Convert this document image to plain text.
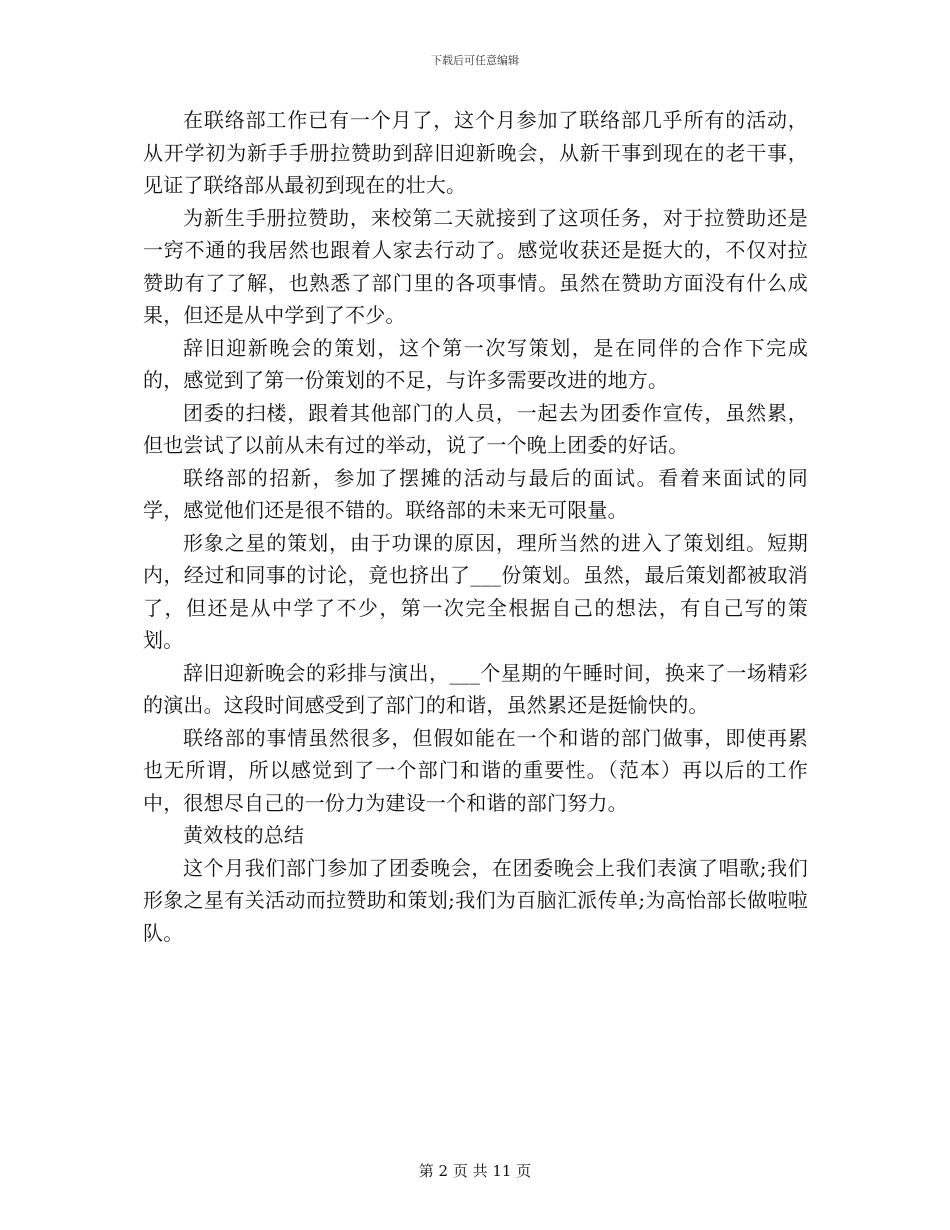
下载后可任意编辑

在联络部工作已有一个月了，这个月参加了联络部几乎所有的活动，从开学初为新手手册拉赞助到辞旧迎新晚会，从新干事到现在的老干事，见证了联络部从最初到现在的壮大。

为新生手册拉赞助，来校第二天就接到了这项任务，对于拉赞助还是一窍不通的我居然也跟着人家去行动了。感觉收获还是挺大的，不仅对拉赞助有了了解，也熟悉了部门里的各项事情。虽然在赞助方面没有什么成果，但还是从中学到了不少。

辞旧迎新晚会的策划，这个第一次写策划，是在同伴的合作下完成的，感觉到了第一份策划的不足，与许多需要改进的地方。

团委的扫楼，跟着其他部门的人员，一起去为团委作宣传，虽然累，但也尝试了以前从未有过的举动，说了一个晚上团委的好话。

联络部的招新，参加了摆摊的活动与最后的面试。看着来面试的同学，感觉他们还是很不错的。联络部的未来无可限量。

形象之星的策划，由于功课的原因，理所当然的进入了策划组。短期内，经过和同事的讨论，竟也挤出了___份策划。虽然，最后策划都被取消了，但还是从中学了不少，第一次完全根据自己的想法，有自己写的策划。

辞旧迎新晚会的彩排与演出，___个星期的午睡时间，换来了一场精彩的演出。这段时间感受到了部门的和谐，虽然累还是挺愉快的。

联络部的事情虽然很多，但假如能在一个和谐的部门做事，即使再累也无所谓，所以感觉到了一个部门和谐的重要性。（范本）再以后的工作中，很想尽自己的一份力为建设一个和谐的部门努力。

黄效枝的总结

这个月我们部门参加了团委晚会，在团委晚会上我们表演了唱歌;我们形象之星有关活动而拉赞助和策划;我们为百脑汇派传单;为高怡部长做啦啦队。

第 2 页 共 11 页
